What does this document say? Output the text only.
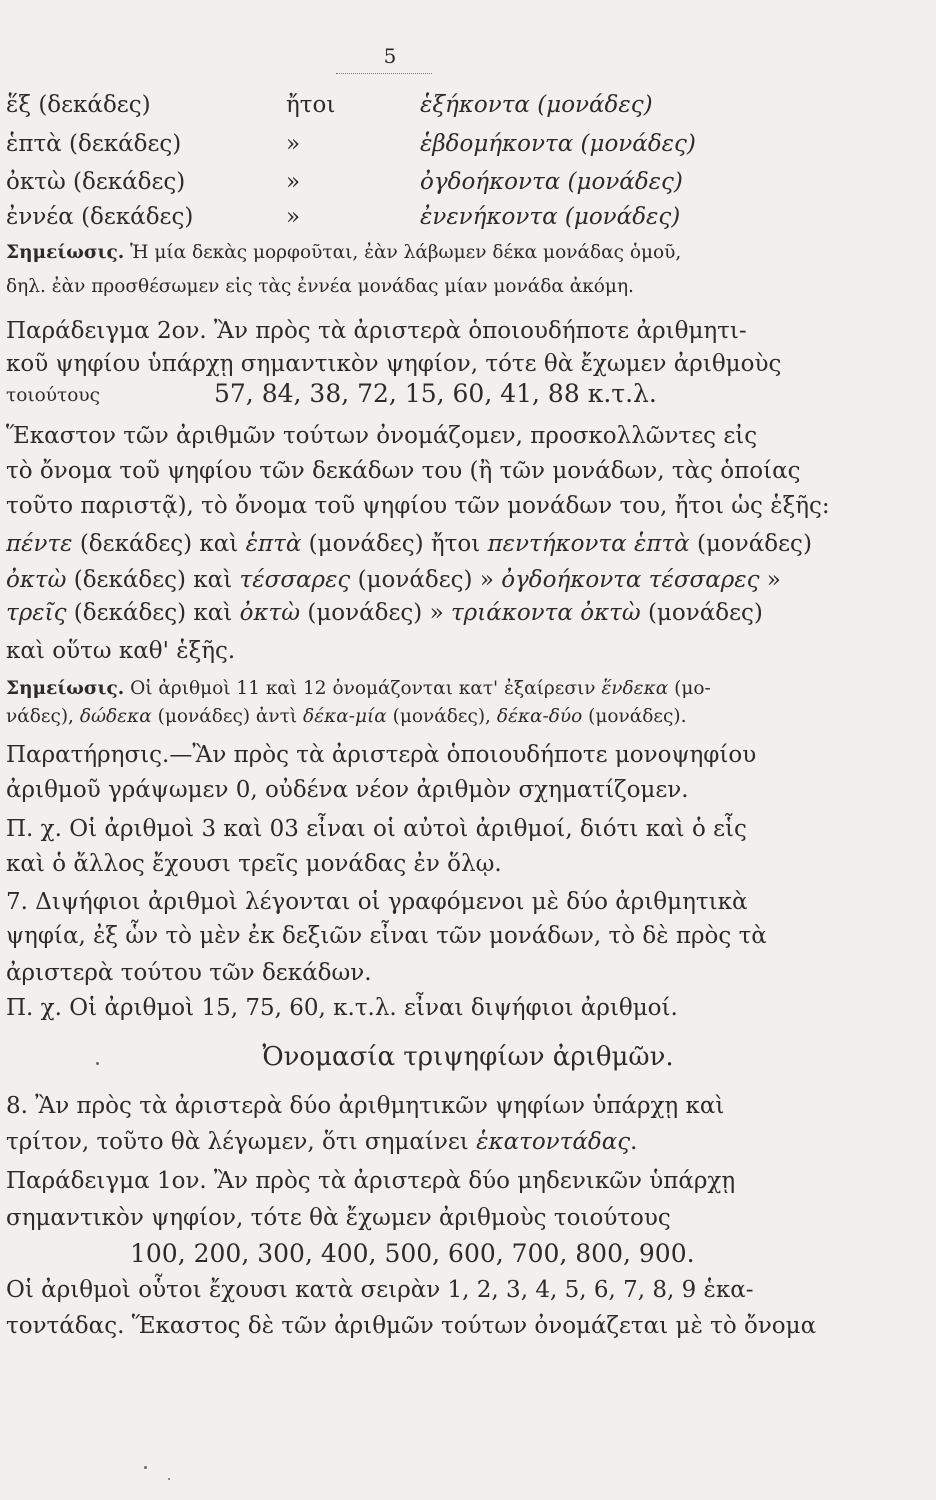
5
ἕξ (δεκάδες)	ἤτοι	ἑξήκοντα (μονάδες)
ἑπτὰ (δεκάδες)	»	ἑβδομήκοντα (μονάδες)
ὀκτὼ (δεκάδες)	»	ὀγδοήκοντα (μονάδες)
ἐννέα (δεκάδες)	»	ἐνενήκοντα (μονάδες)
Σημείωσις. Ἡ μία δεκὰς μορφοῦται, ἐὰν λάβωμεν δέκα μονάδας ὁμοῦ,
δηλ. ἐὰν προσθέσωμεν εἰς τὰς ἐννέα μονάδας μίαν μονάδα ἀκόμη.
Παράδειγμα 2ον. Ἂν πρὸς τὰ ἀριστερὰ ὁποιουδήποτε ἀριθμητι-
κοῦ ψηφίου ὑπάρχῃ σημαντικὸν ψηφίον, τότε θὰ ἔχωμεν ἀριθμοὺς
τοιούτους	57, 84, 38, 72, 15, 60, 41, 88 κ.τ.λ.
Ἕκαστον τῶν ἀριθμῶν τούτων ὀνομάζομεν, προσκολλῶντες εἰς
τὸ ὄνομα τοῦ ψηφίου τῶν δεκάδων του (ἢ τῶν μονάδων, τὰς ὁποίας
τοῦτο παριστᾷ), τὸ ὄνομα τοῦ ψηφίου τῶν μονάδων του, ἤτοι ὡς ἑξῆς:
πέντε (δεκάδες) καὶ ἑπτὰ (μονάδες) ἤτοι πεντήκοντα ἑπτὰ (μονάδες)
ὀκτὼ (δεκάδες) καὶ τέσσαρες (μονάδες) » ὀγδοήκοντα τέσσαρες »
τρεῖς (δεκάδες) καὶ ὀκτὼ (μονάδες) » τριάκοντα ὀκτὼ (μονάδες)
καὶ οὕτω καθ' ἑξῆς.
Σημείωσις. Οἱ ἀριθμοὶ 11 καὶ 12 ὀνομάζονται κατ' ἐξαίρεσιν ἕνδεκα (μο-
νάδες), δώδεκα (μονάδες) ἀντὶ δέκα-μία (μονάδες), δέκα-δύο (μονάδες).
Παρατήρησις.—Ἂν πρὸς τὰ ἀριστερὰ ὁποιουδήποτε μονοψηφίου
ἀριθμοῦ γράψωμεν 0, οὐδένα νέον ἀριθμὸν σχηματίζομεν.
Π. χ. Οἱ ἀριθμοὶ 3 καὶ 03 εἶναι οἱ αὐτοὶ ἀριθμοί, διότι καὶ ὁ εἷς
καὶ ὁ ἄλλος ἔχουσι τρεῖς μονάδας ἐν ὅλῳ.
7. Διψήφιοι ἀριθμοὶ λέγονται οἱ γραφόμενοι μὲ δύο ἀριθμητικὰ
ψηφία, ἐξ ὧν τὸ μὲν ἐκ δεξιῶν εἶναι τῶν μονάδων, τὸ δὲ πρὸς τὰ
ἀριστερὰ τούτου τῶν δεκάδων.
Π. χ. Οἱ ἀριθμοὶ 15, 75, 60, κ.τ.λ. εἶναι διψήφιοι ἀριθμοί.
Ὀνομασία τριψηφίων ἀριθμῶν.
8. Ἂν πρὸς τὰ ἀριστερὰ δύο ἀριθμητικῶν ψηφίων ὑπάρχῃ καὶ
τρίτον, τοῦτο θὰ λέγωμεν, ὅτι σημαίνει ἑκατοντάδας.
Παράδειγμα 1ον. Ἂν πρὸς τὰ ἀριστερὰ δύο μηδενικῶν ὑπάρχῃ
σημαντικὸν ψηφίον, τότε θὰ ἔχωμεν ἀριθμοὺς τοιούτους
100, 200, 300, 400, 500, 600, 700, 800, 900.
Οἱ ἀριθμοὶ οὗτοι ἔχουσι κατὰ σειρὰν 1, 2, 3, 4, 5, 6, 7, 8, 9 ἑκα-
τοντάδας. Ἕκαστος δὲ τῶν ἀριθμῶν τούτων ὀνομάζεται μὲ τὸ ὄνομα
